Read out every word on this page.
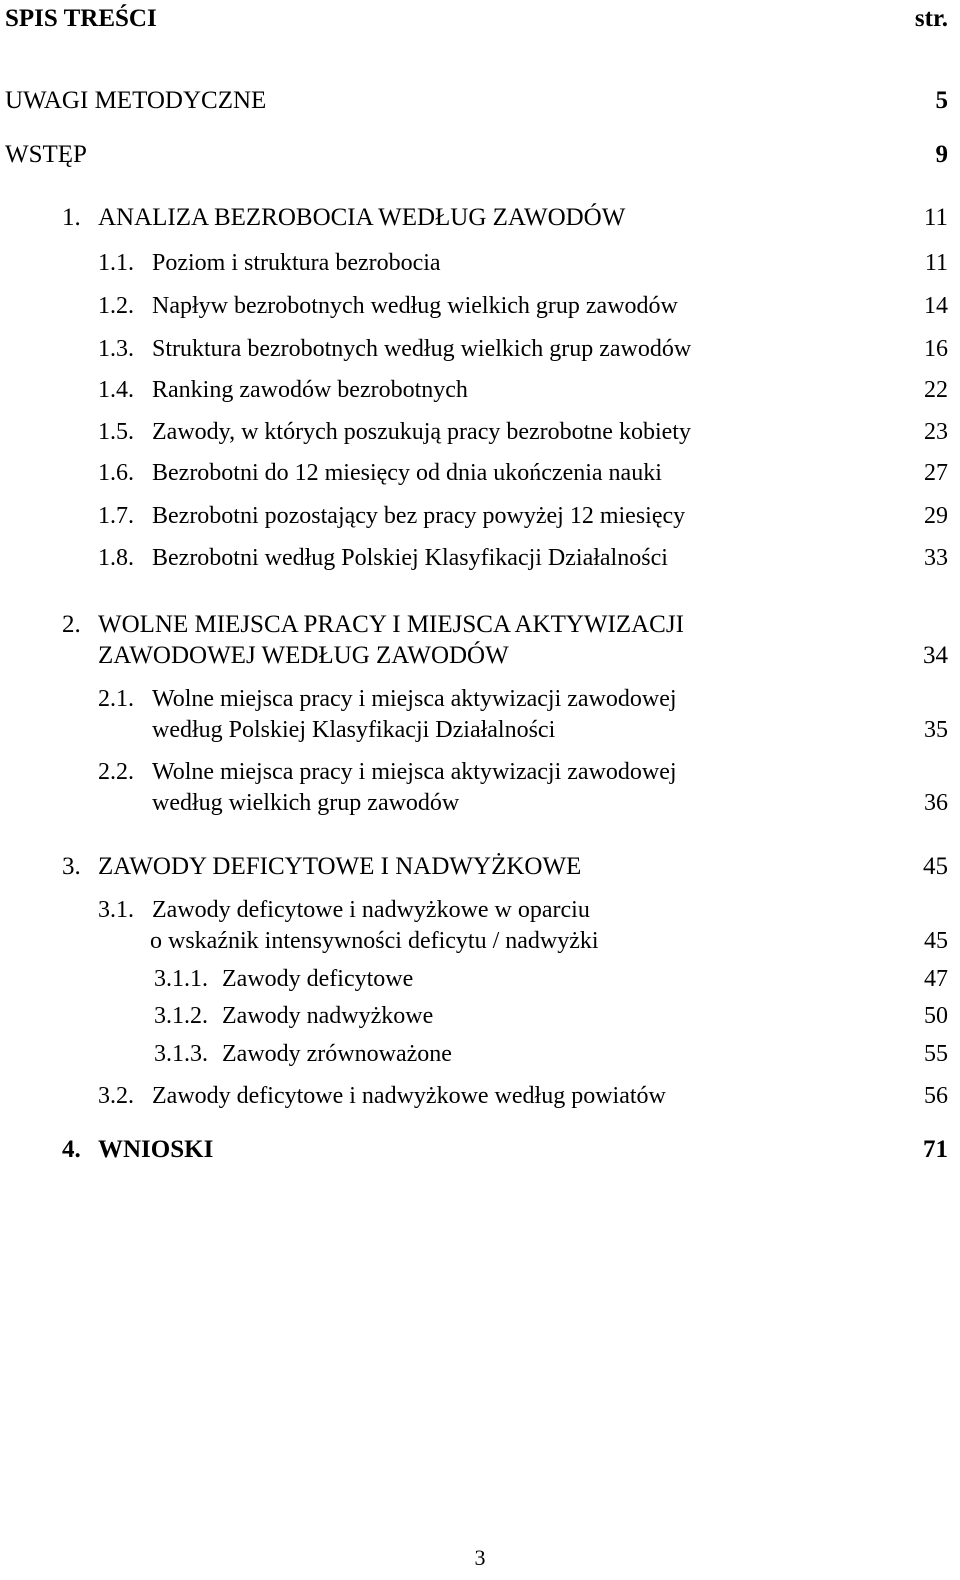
SPIS TREŚCI	str.
UWAGI METODYCZNE	5
WSTĘP	9
1. ANALIZA BEZROBOCIA WEDŁUG ZAWODÓW	11
1.1. Poziom i struktura bezrobocia	11
1.2. Napływ bezrobotnych według wielkich grup zawodów	14
1.3. Struktura bezrobotnych według wielkich grup zawodów	16
1.4. Ranking zawodów bezrobotnych	22
1.5. Zawody, w których poszukują pracy bezrobotne kobiety	23
1.6. Bezrobotni do 12 miesięcy od dnia ukończenia nauki	27
1.7. Bezrobotni pozostający bez pracy powyżej 12 miesięcy	29
1.8. Bezrobotni według Polskiej Klasyfikacji Działalności	33
2. WOLNE MIEJSCA PRACY I MIEJSCA AKTYWIZACJI
ZAWODOWEJ WEDŁUG ZAWODÓW	34
2.1. Wolne miejsca pracy i miejsca aktywizacji zawodowej
według Polskiej Klasyfikacji Działalności	35
2.2. Wolne miejsca pracy i miejsca aktywizacji zawodowej
według wielkich grup zawodów	36
3. ZAWODY DEFICYTOWE I NADWYŻKOWE	45
3.1. Zawody deficytowe i nadwyżkowe w oparciu
o wskaźnik intensywności deficytu / nadwyżki	45
3.1.1. Zawody deficytowe	47
3.1.2. Zawody nadwyżkowe	50
3.1.3. Zawody zrównoważone	55
3.2. Zawody deficytowe i nadwyżkowe według powiatów	56
4. WNIOSKI	71
3
